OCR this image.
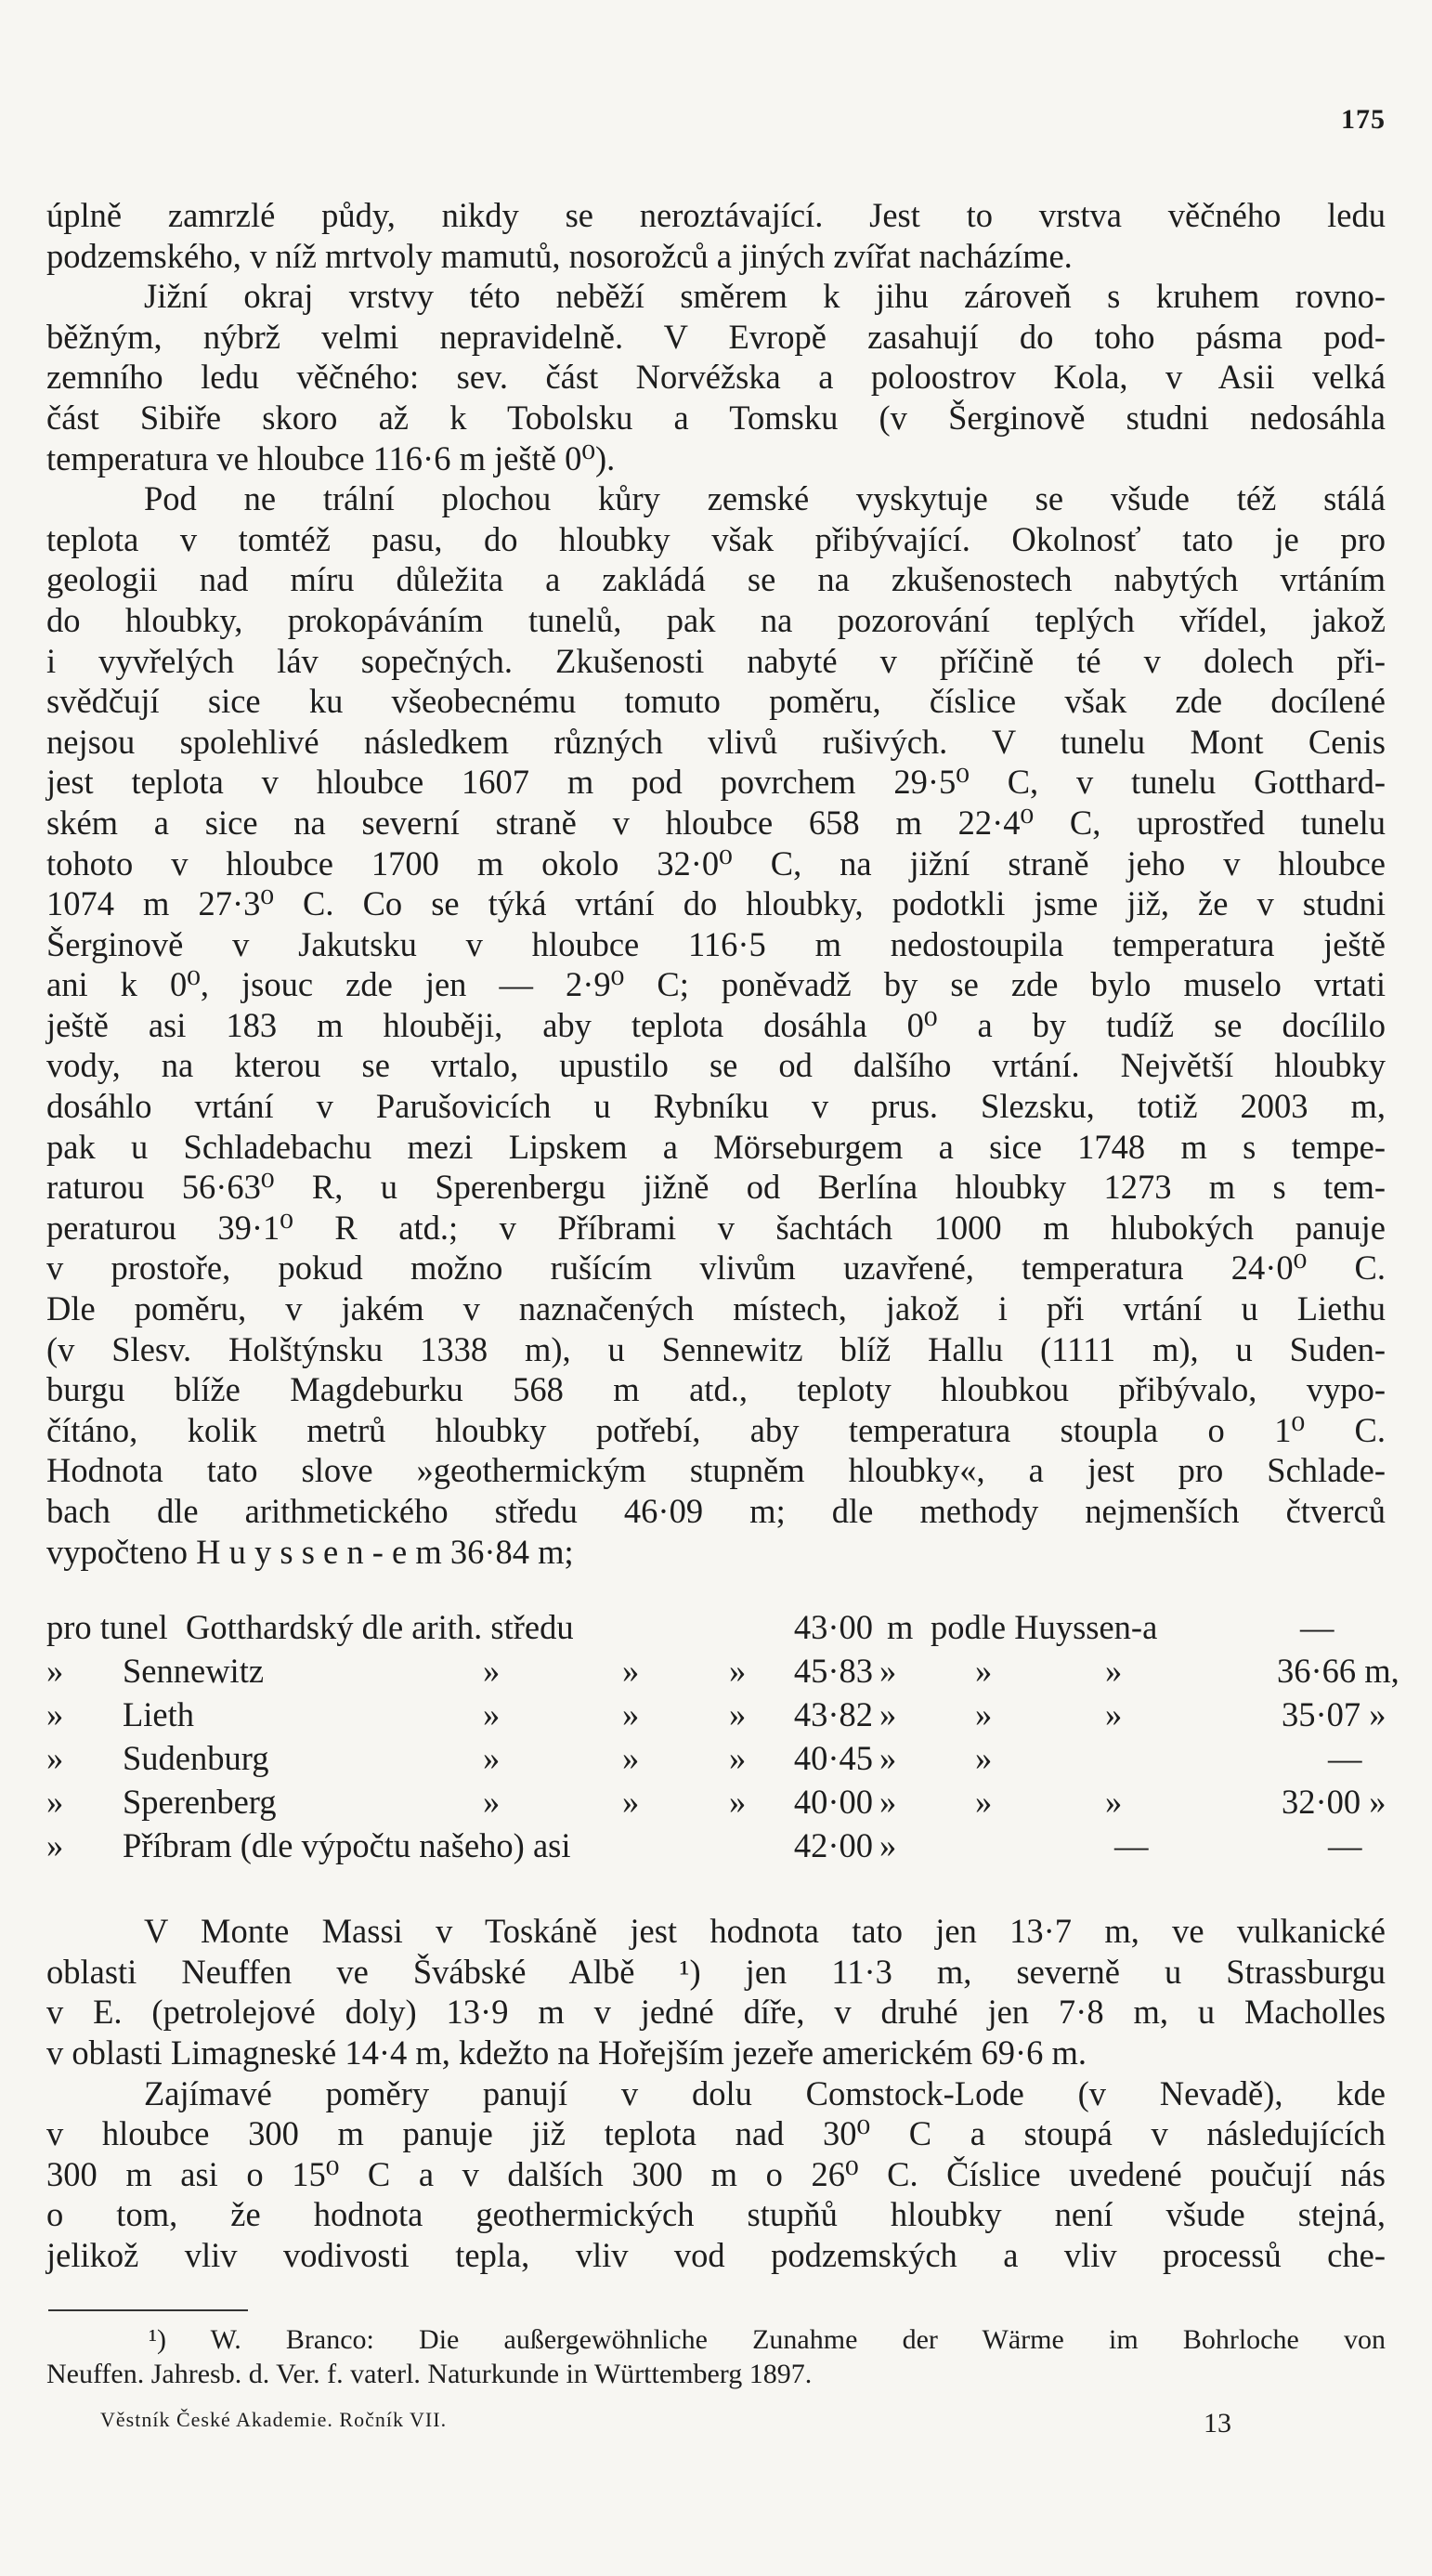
175

úplně zamrzlé půdy, nikdy se neroztávající. Jest to vrstva věčného ledu
podzemského, v níž mrtvoly mamutů, nosorožců a jiných zvířat nacházíme.

Jižní okraj vrstvy této neběží směrem k jihu zároveň s kruhem rovno-
běžným, nýbrž velmi nepravidelně. V Evropě zasahují do toho pásma pod-
zemního ledu věčného: sev. část Norvéžska a poloostrov Kola, v Asii velká
část Sibiře skoro až k Tobolsku a Tomsku (v Šerginově studni nedosáhla
temperatura ve hloubce 116·6 m ještě 0⁰).

Pod ne trální plochou kůry zemské vyskytuje se všude též stálá
teplota v tomtéž pasu, do hloubky však přibývající. Okolnosť tato je pro
geologii nad míru důležita a zakládá se na zkušenostech nabytých vrtáním
do hloubky, prokopáváním tunelů, pak na pozorování teplých vřídel, jakož
i vyvřelých láv sopečných. Zkušenosti nabyté v příčině té v dolech při-
svědčují sice ku všeobecnému tomuto poměru, číslice však zde docílené
nejsou spolehlivé následkem různých vlivů rušivých. V tunelu Mont Cenis
jest teplota v hloubce 1607 m pod povrchem 29·5⁰ C, v tunelu Gotthard-
ském a sice na severní straně v hloubce 658 m 22·4⁰ C, uprostřed tunelu
tohoto v hloubce 1700 m okolo 32·0⁰ C, na jižní straně jeho v hloubce
1074 m 27·3⁰ C. Co se týká vrtání do hloubky, podotkli jsme již, že v studni
Šerginově v Jakutsku v hloubce 116·5 m nedostoupila temperatura ještě
ani k 0⁰, jsouc zde jen — 2·9⁰ C; poněvadž by se zde bylo muselo vrtati
ještě asi 183 m hlouběji, aby teplota dosáhla 0⁰ a by tudíž se docílilo
vody, na kterou se vrtalo, upustilo se od dalšího vrtání. Největší hloubky
dosáhlo vrtání v Parušovicích u Rybníku v prus. Slezsku, totiž 2003 m,
pak u Schladebachu mezi Lipskem a Mörseburgem a sice 1748 m s tempe-
raturou 56·63⁰ R, u Sperenbergu jižně od Berlína hloubky 1273 m s tem-
peraturou 39·1⁰ R atd.; v Příbrami v šachtách 1000 m hlubokých panuje
v prostoře, pokud možno rušícím vlivům uzavřené, temperatura 24·0⁰ C.
Dle poměru, v jakém v naznačených místech, jakož i při vrtání u Liethu
(v Slesv. Holštýnsku 1338 m), u Sennewitz blíž Hallu (1111 m), u Suden-
burgu blíže Magdeburku 568 m atd., teploty hloubkou přibývalo, vypo-
čítáno, kolik metrů hloubky potřebí, aby temperatura stoupla o 1⁰ C.
Hodnota tato slove »geothermickým stupněm hloubky«, a jest pro Schlade-
bach dle arithmetického středu 46·09 m; dle methody nejmenších čtverců
vypočteno H u y s s e n - e m 36·84 m;

pro tunel Gotthardský dle arith. středu	43·00 m podle Huyssen-a	—
»	Sennewitz	»	»	»	45·83 » »	»	36·66 m,
»	Lieth	»	»	»	43·82 » »	»	35·07 »
»	Sudenburg	»	»	»	40·45 » »	—
»	Sperenberg	»	»	»	40·00 » »	»	32·00 »
»	Příbram (dle výpočtu našeho) asi	42·00 »	—	—

V Monte Massi v Toskáně jest hodnota tato jen 13·7 m, ve vulkanické
oblasti Neuffen ve Švábské Albě ¹) jen 11·3 m, severně u Strassburgu
v E. (petrolejové doly) 13·9 m v jedné díře, v druhé jen 7·8 m, u Macholles
v oblasti Limagneské 14·4 m, kdežto na Hořejším jezeře americkém 69·6 m.

Zajímavé poměry panují v dolu Comstock-Lode (v Nevadě), kde
v hloubce 300 m panuje již teplota nad 30⁰ C a stoupá v následujících
300 m asi o 15⁰ C a v dalších 300 m o 26⁰ C. Číslice uvedené poučují nás
o tom, že hodnota geothermických stupňů hloubky není všude stejná,
jelikož vliv vodivosti tepla, vliv vod podzemských a vliv processů che-

¹) W. Branco: Die außergewöhnliche Zunahme der Wärme im Bohrloche von
Neuffen. Jahresb. d. Ver. f. vaterl. Naturkunde in Württemberg 1897.
Věstník České Akademie. Ročník VII.	13
